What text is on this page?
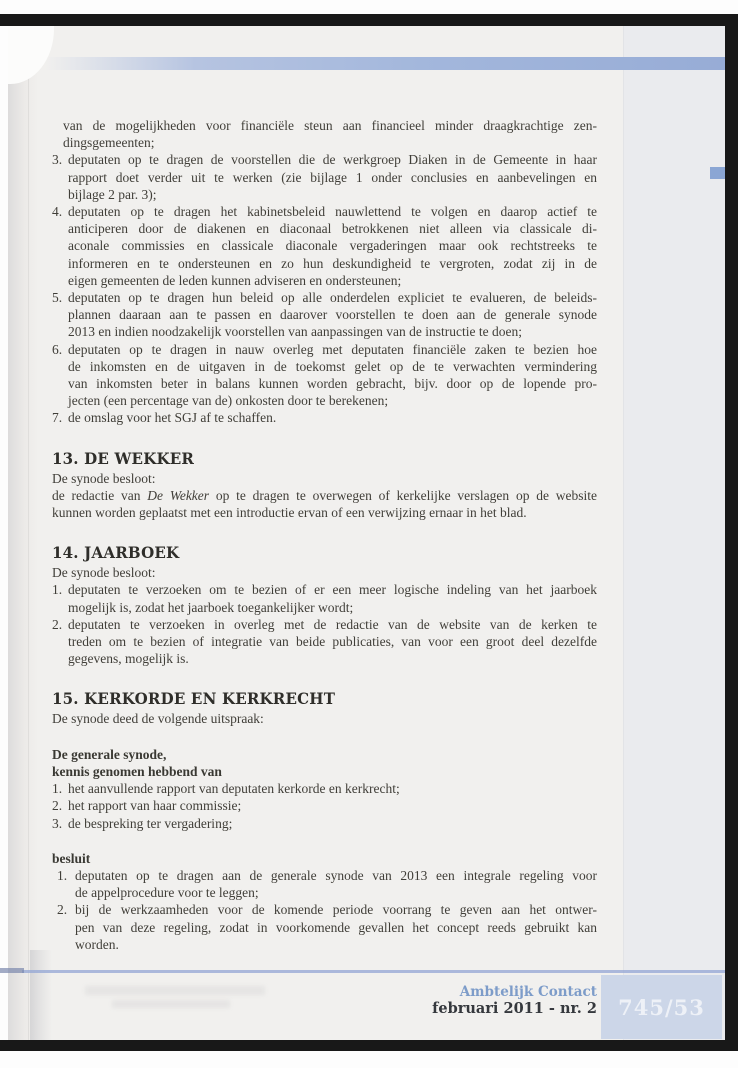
van de mogelijkheden voor financiële steun aan financieel minder draagkrachtige zen-
dingsgemeenten;
3. deputaten op te dragen de voorstellen die de werkgroep Diaken in de Gemeente in haar
rapport doet verder uit te werken (zie bijlage 1 onder conclusies en aanbevelingen en
bijlage 2 par. 3);
4. deputaten op te dragen het kabinetsbeleid nauwlettend te volgen en daarop actief te
anticiperen door de diakenen en diaconaal betrokkenen niet alleen via classicale di-
aconale commissies en classicale diaconale vergaderingen maar ook rechtstreeks te
informeren en te ondersteunen en zo hun deskundigheid te vergroten, zodat zij in de
eigen gemeenten de leden kunnen adviseren en ondersteunen;
5. deputaten op te dragen hun beleid op alle onderdelen expliciet te evalueren, de beleids-
plannen daaraan aan te passen en daarover voorstellen te doen aan de generale synode
2013 en indien noodzakelijk voorstellen van aanpassingen van de instructie te doen;
6. deputaten op te dragen in nauw overleg met deputaten financiële zaken te bezien hoe
de inkomsten en de uitgaven in de toekomst gelet op de te verwachten vermindering
van inkomsten beter in balans kunnen worden gebracht, bijv. door op de lopende pro-
jecten (een percentage van de) onkosten door te berekenen;
7. de omslag voor het SGJ af te schaffen.
13. DE WEKKER
De synode besloot:
de redactie van De Wekker op te dragen te overwegen of kerkelijke verslagen op de website
kunnen worden geplaatst met een introductie ervan of een verwijzing ernaar in het blad.
14. JAARBOEK
De synode besloot:
1. deputaten te verzoeken om te bezien of er een meer logische indeling van het jaarboek
mogelijk is, zodat het jaarboek toegankelijker wordt;
2. deputaten te verzoeken in overleg met de redactie van de website van de kerken te
treden om te bezien of integratie van beide publicaties, van voor een groot deel dezelfde
gegevens, mogelijk is.
15. KERKORDE EN KERKRECHT
De synode deed de volgende uitspraak:
De generale synode,
kennis genomen hebbend van
1. het aanvullende rapport van deputaten kerkorde en kerkrecht;
2. het rapport van haar commissie;
3. de bespreking ter vergadering;
besluit
1. deputaten op te dragen aan de generale synode van 2013 een integrale regeling voor
de appelprocedure voor te leggen;
2. bij de werkzaamheden voor de komende periode voorrang te geven aan het ontwer-
pen van deze regeling, zodat in voorkomende gevallen het concept reeds gebruikt kan
worden.
Ambtelijk Contact
februari 2011 - nr. 2 745/53
